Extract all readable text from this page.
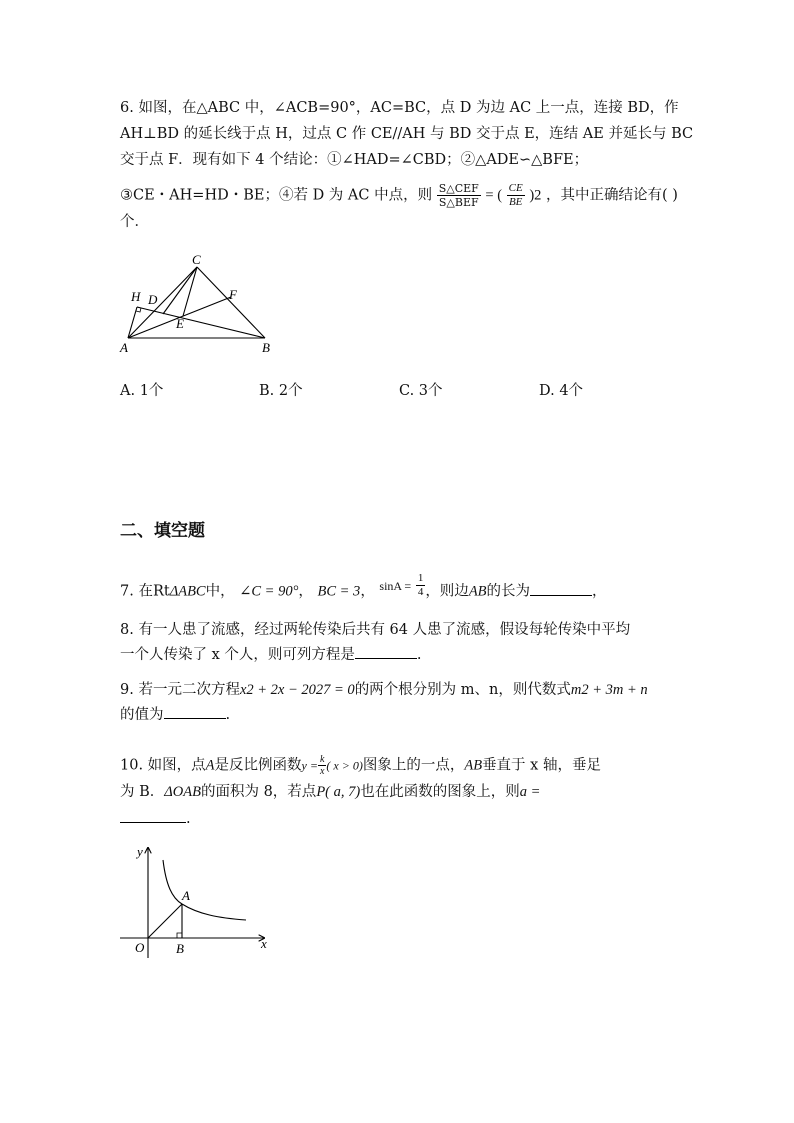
6. 如图，在△ABC 中，∠ACB=90°，AC=BC，点 D 为边 AC 上一点，连接 BD，作
AH⊥BD 的延长线于点 H，过点 C 作 CE//AH 与 BD 交于点 E，连结 AE 并延长与 BC
交于点 F．现有如下 4 个结论：①∠HAD=∠CBD；②△ADE∽△BFE；
③CE・AH=HD・BE；④若 D 为 AC 中点，则 $\frac{\text{S△CEF}}{\text{S△BEF}}$ = ( $\frac{CE}{BE} )2$ ，其中正确结论有( )
个．
C
H D	F
E
A	B
A. 1个	B. 2个	C. 3个	D. 4个
二、填空题
7. 在RtΔABC中， ∠C = 90°， BC = 3， $^{sinA =} \frac{1}{4}$ ，则边AB的长为	，
8. 有一人患了流感，经过两轮传染后共有 64 人患了流感，假设每轮传染中平均
一个人传染了 x 个人，则可列方程是	.
9. 若一元二次方程x2 + 2x − 2027 = 0的两个根分别为 m、n，则代数式m2 + 3m + n
的值为	.
10. 如图，点A是反比例函数$y = \frac{k}{x}$ ( x > 0)图象上的一点，AB垂直于 x 轴，垂足
为 B．ΔOAB的面积为 8，若点P( a, 7)也在此函数的图象上，则a =
.
y
x
O
A
B
